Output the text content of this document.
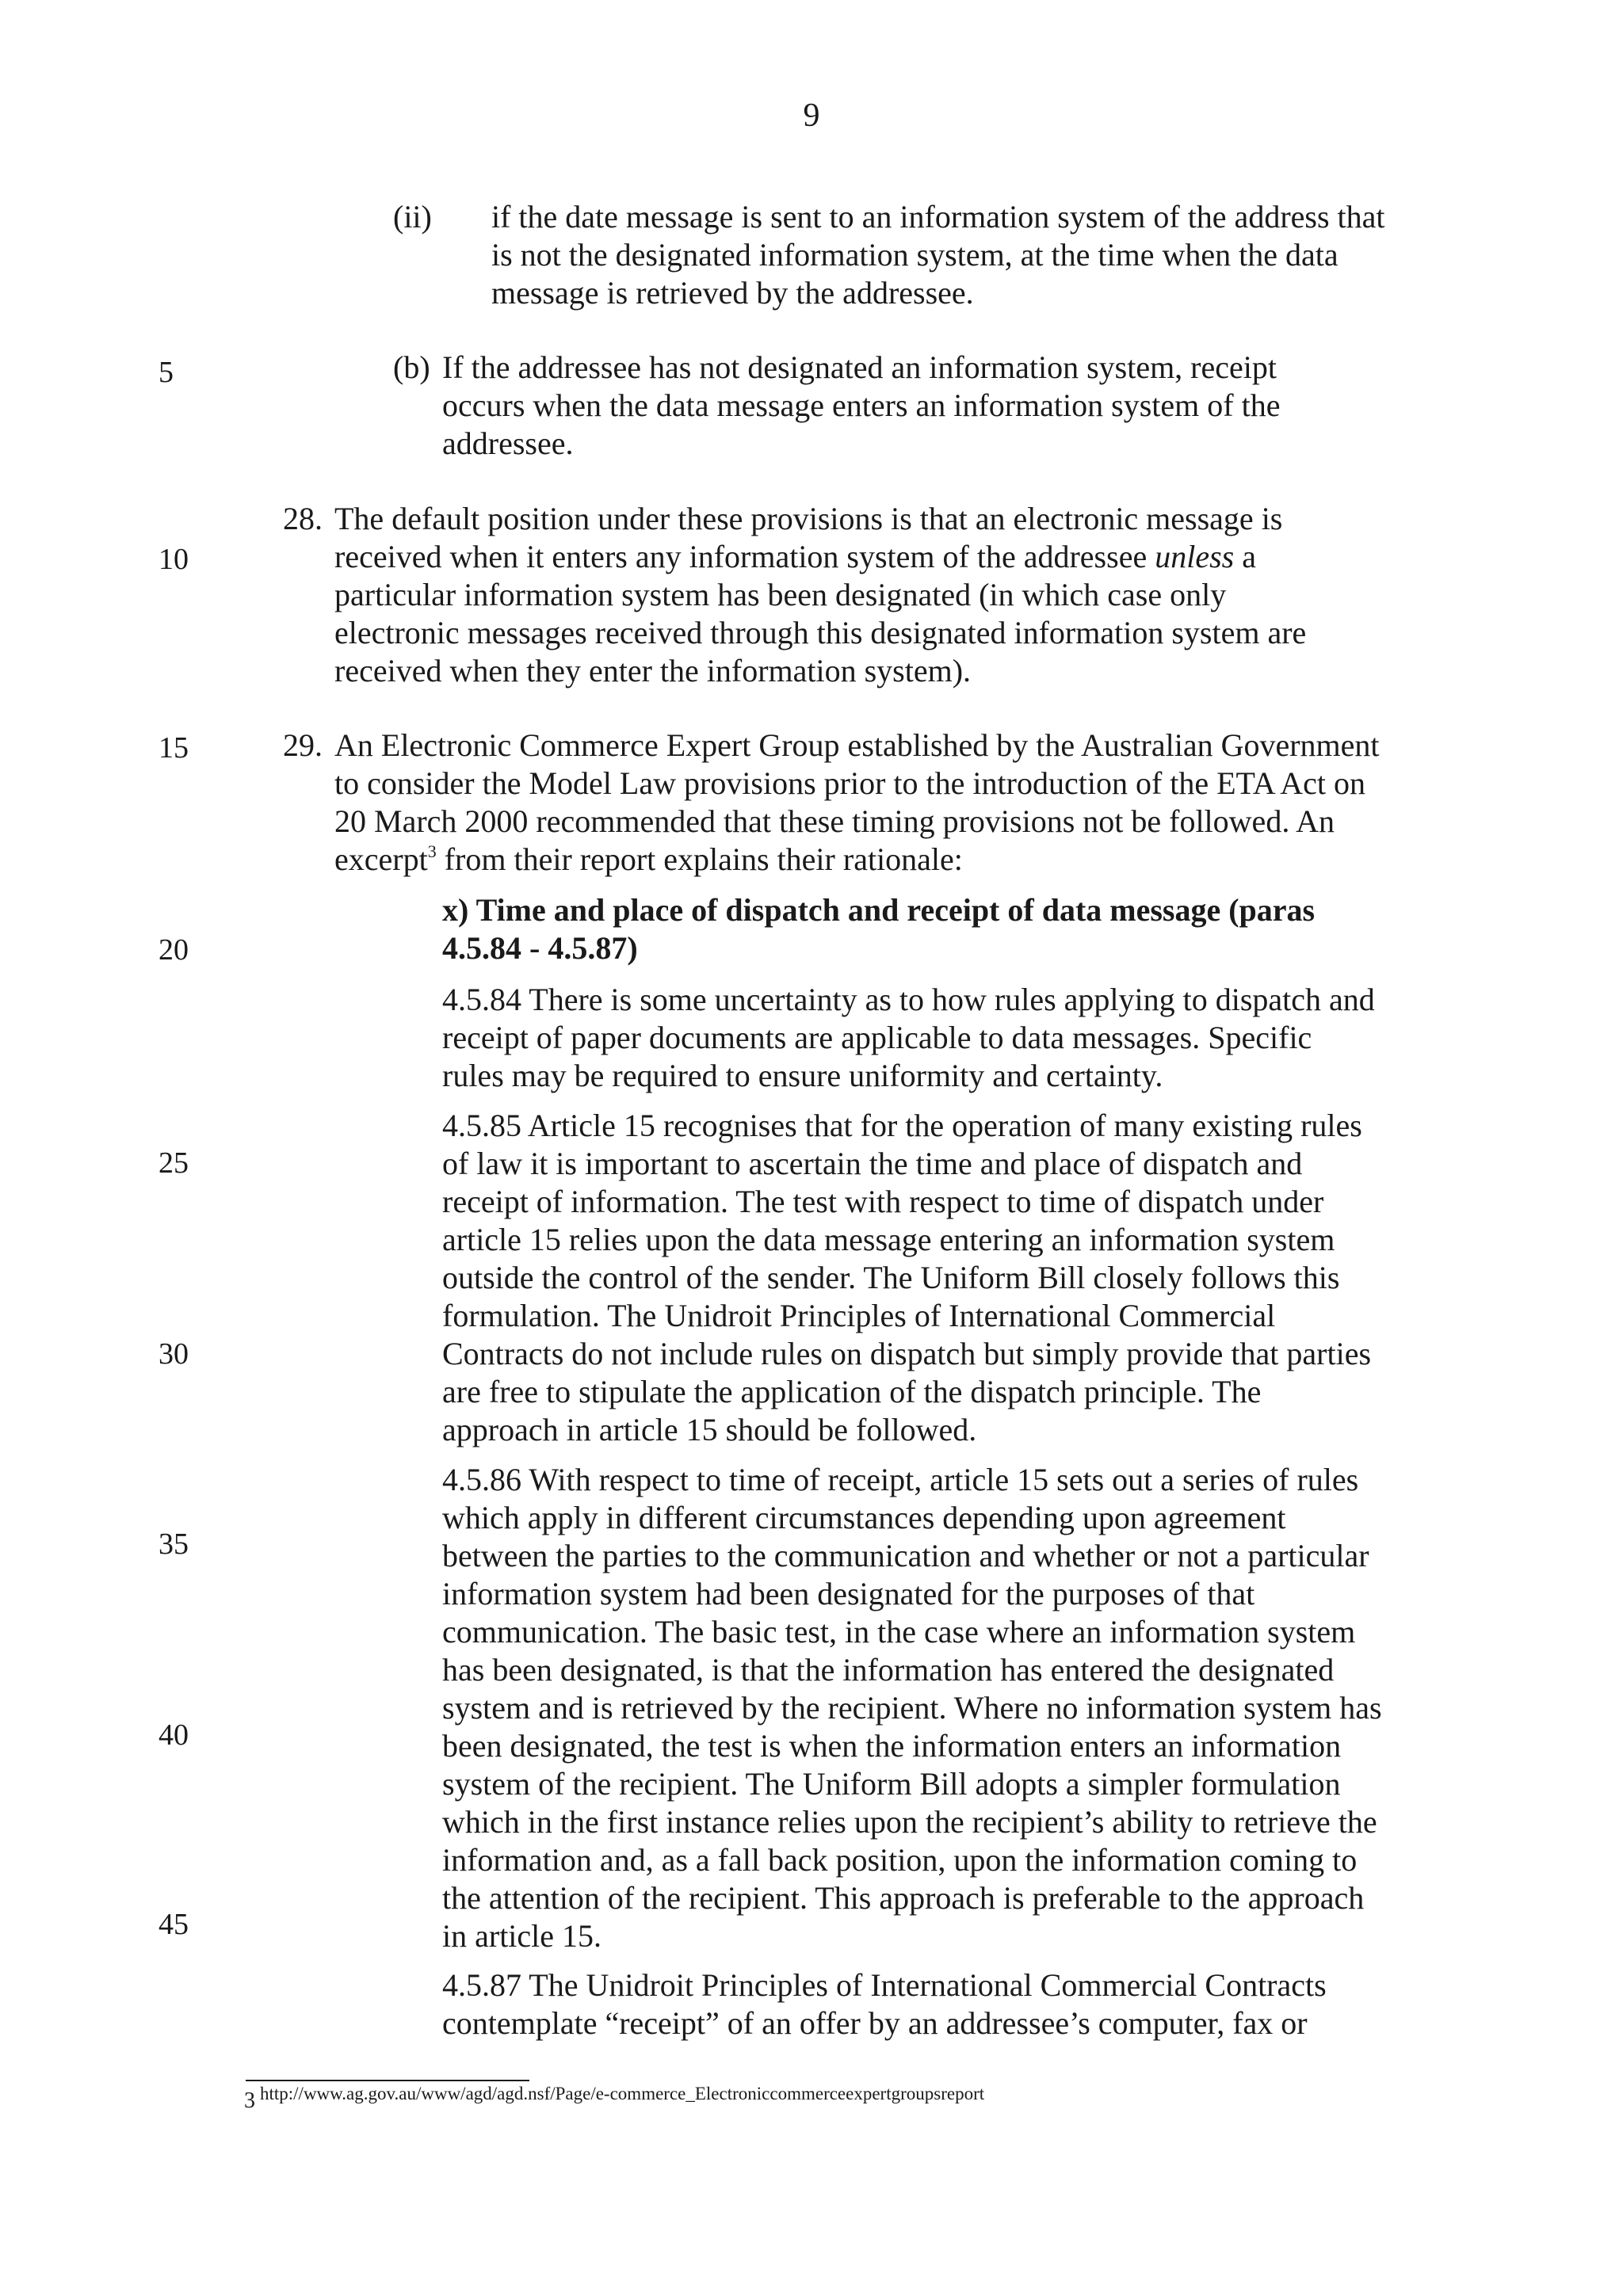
9
5
10
15
20
25
30
35
40
45
(ii) if the date message is sent to an information system of the address that is not the designated information system, at the time when the data message is retrieved by the addressee.

(b) If the addressee has not designated an information system, receipt occurs when the data message enters an information system of the addressee.

28. The default position under these provisions is that an electronic message is received when it enters any information system of the addressee unless a particular information system has been designated (in which case only electronic messages received through this designated information system are received when they enter the information system).

29. An Electronic Commerce Expert Group established by the Australian Government to consider the Model Law provisions prior to the introduction of the ETA Act on 20 March 2000 recommended that these timing provisions not be followed. An excerpt$^3$ from their report explains their rationale:

x) Time and place of dispatch and receipt of data message (paras 4.5.84 - 4.5.87)

4.5.84 There is some uncertainty as to how rules applying to dispatch and receipt of paper documents are applicable to data messages. Specific rules may be required to ensure uniformity and certainty.

4.5.85 Article 15 recognises that for the operation of many existing rules of law it is important to ascertain the time and place of dispatch and receipt of information. The test with respect to time of dispatch under article 15 relies upon the data message entering an information system outside the control of the sender. The Uniform Bill closely follows this formulation. The Unidroit Principles of International Commercial Contracts do not include rules on dispatch but simply provide that parties are free to stipulate the application of the dispatch principle. The approach in article 15 should be followed.

4.5.86 With respect to time of receipt, article 15 sets out a series of rules which apply in different circumstances depending upon agreement between the parties to the communication and whether or not a particular information system had been designated for the purposes of that communication. The basic test, in the case where an information system has been designated, is that the information has entered the designated system and is retrieved by the recipient. Where no information system has been designated, the test is when the information enters an information system of the recipient. The Uniform Bill adopts a simpler formulation which in the first instance relies upon the recipient’s ability to retrieve the information and, as a fall back position, upon the information coming to the attention of the recipient. This approach is preferable to the approach in article 15.

4.5.87 The Unidroit Principles of International Commercial Contracts contemplate “receipt” of an offer by an addressee’s computer, fax or

3 http://www.ag.gov.au/www/agd/agd.nsf/Page/e-commerce_Electroniccommerceexpertgroupsreport
